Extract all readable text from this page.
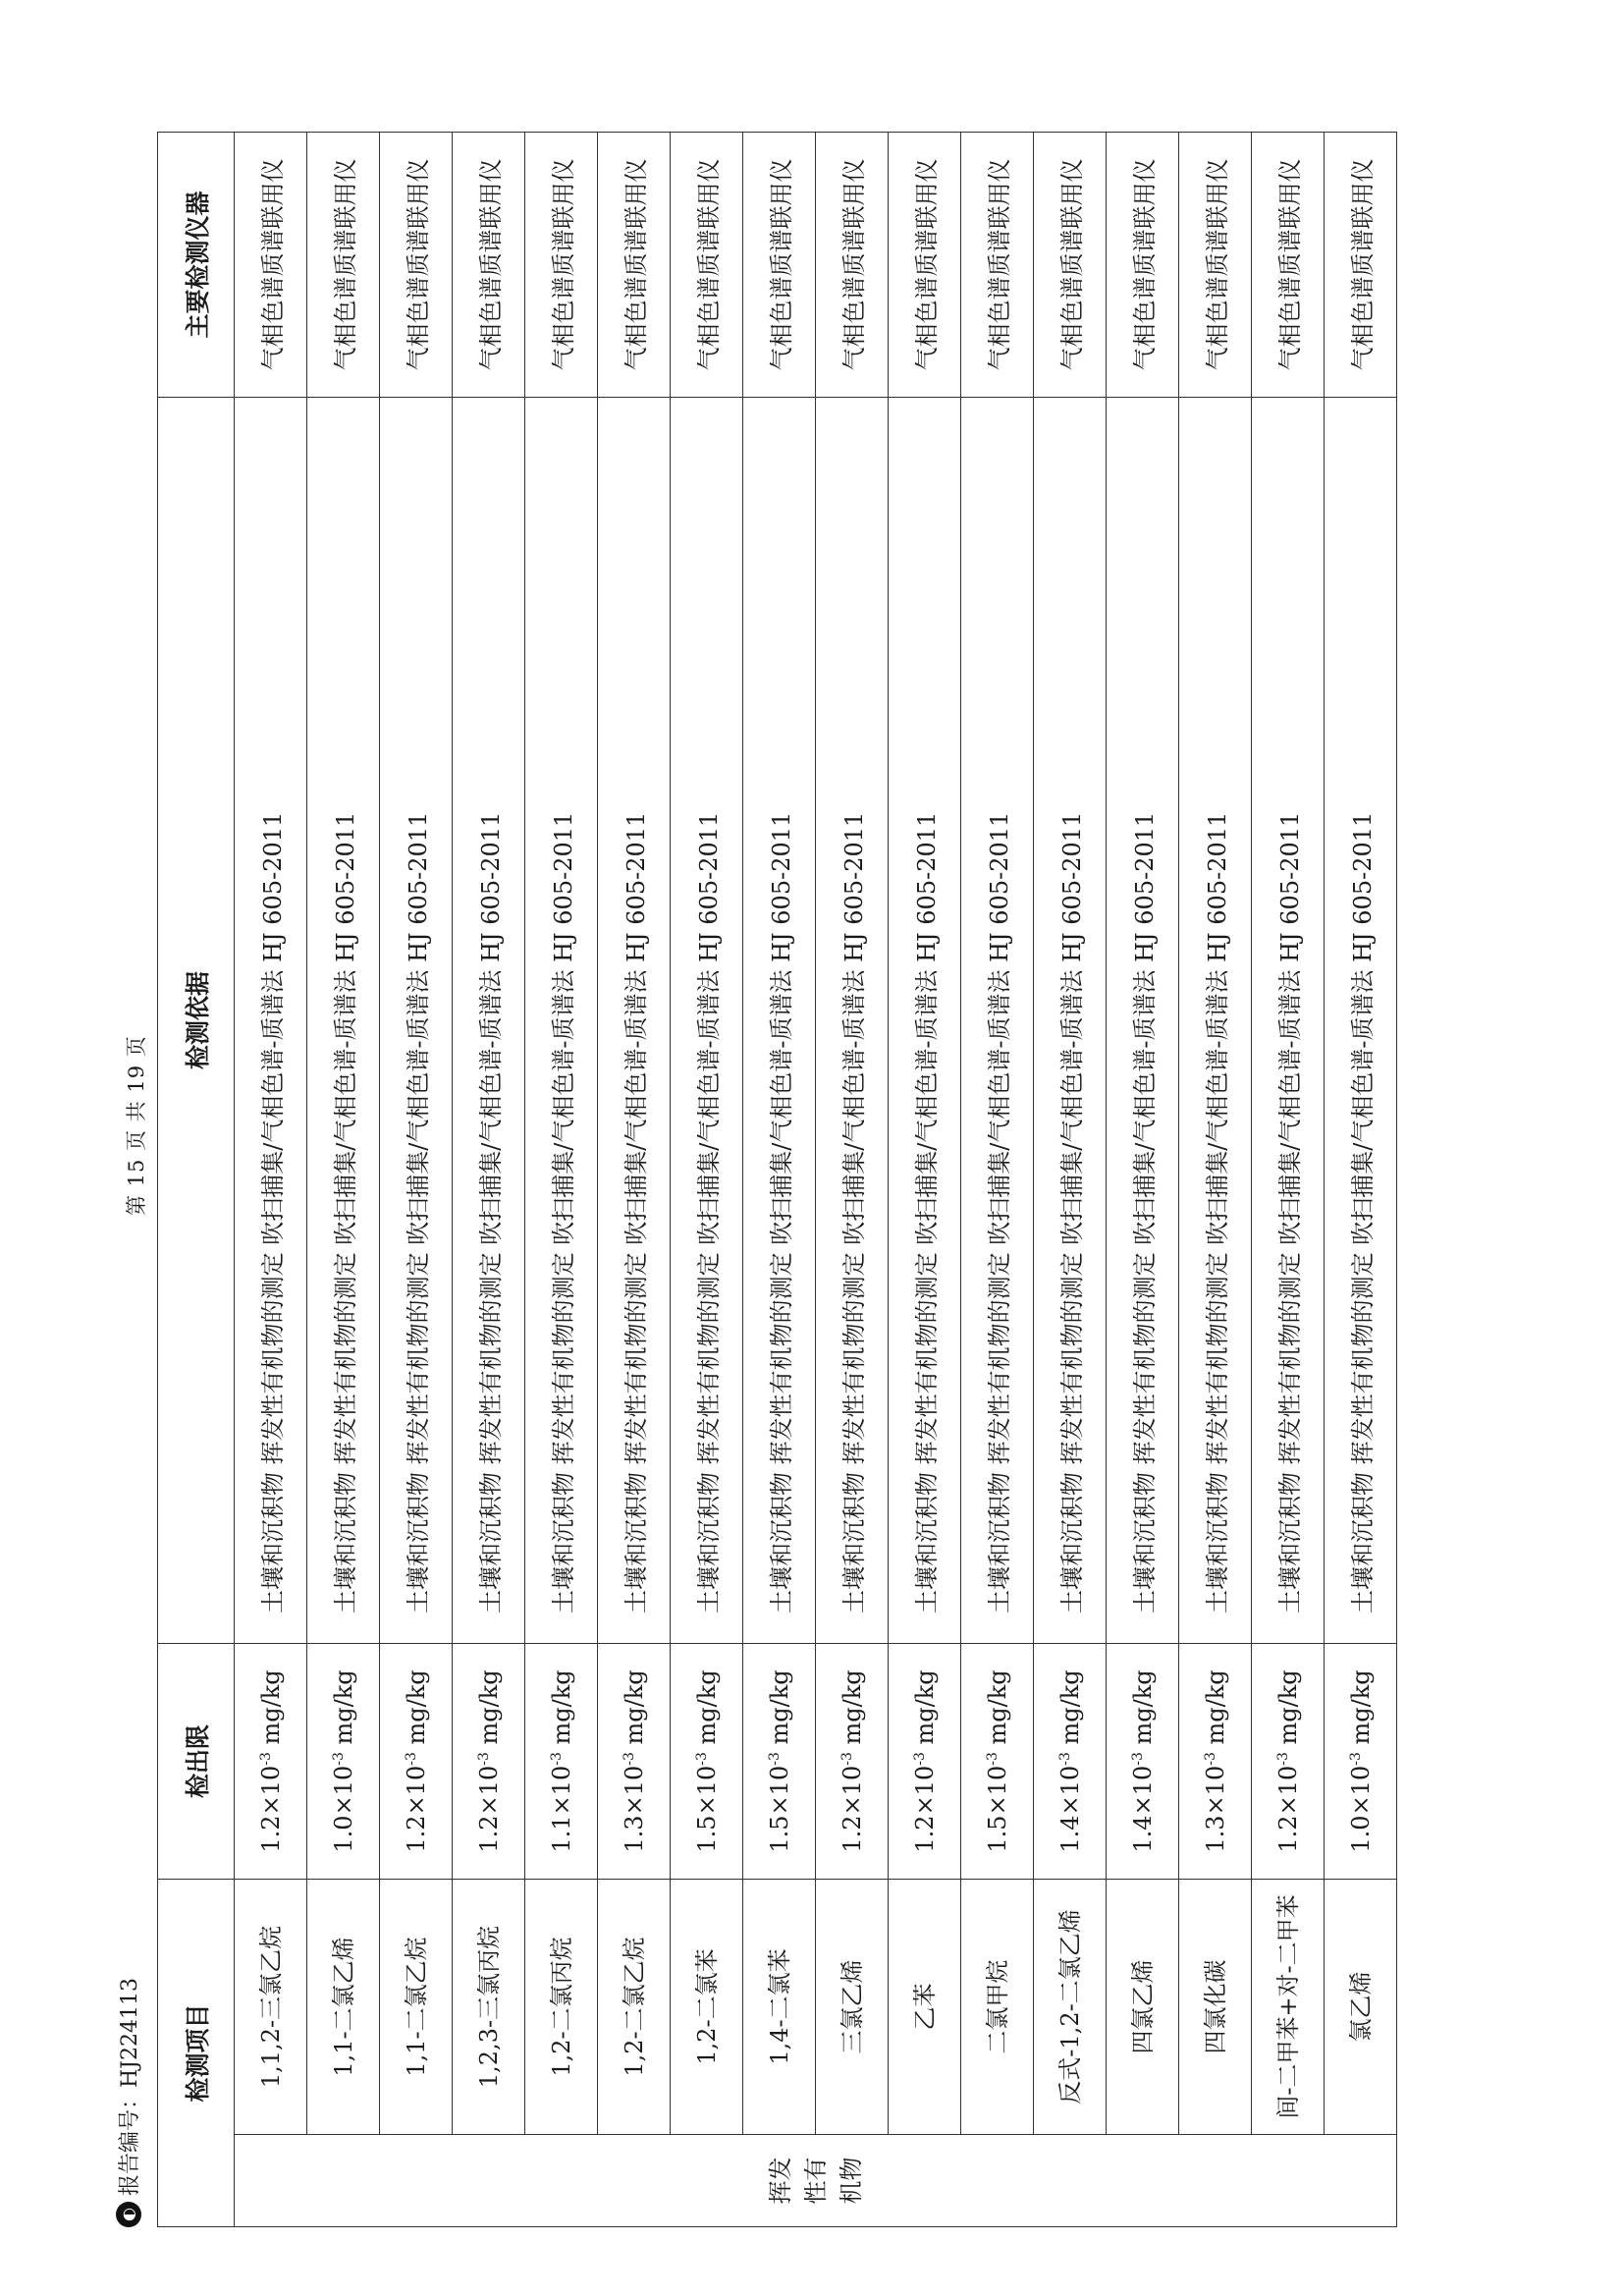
◐
报告编号：HJ224113
第 15 页 共 19 页
检测项目		检出限	检测依据	主要检测仪器
挥发性有机物	1,1,2-三氯乙烷	$1.2\times 10^{-3}$ mg/kg	土壤和沉积物 挥发性有机物的测定 吹扫捕集/气相色谱-质谱法 HJ 605-2011	气相色谱质谱联用仪
	1,1-二氯乙烯	$1.0\times 10^{-3}$ mg/kg	土壤和沉积物 挥发性有机物的测定 吹扫捕集/气相色谱-质谱法 HJ 605-2011	气相色谱质谱联用仪
	1,1-二氯乙烷	$1.2\times 10^{-3}$ mg/kg	土壤和沉积物 挥发性有机物的测定 吹扫捕集/气相色谱-质谱法 HJ 605-2011	气相色谱质谱联用仪
	1,2,3-三氯丙烷	$1.2\times 10^{-3}$ mg/kg	土壤和沉积物 挥发性有机物的测定 吹扫捕集/气相色谱-质谱法 HJ 605-2011	气相色谱质谱联用仪
	1,2-二氯丙烷	$1.1\times 10^{-3}$ mg/kg	土壤和沉积物 挥发性有机物的测定 吹扫捕集/气相色谱-质谱法 HJ 605-2011	气相色谱质谱联用仪
	1,2-二氯乙烷	$1.3\times 10^{-3}$ mg/kg	土壤和沉积物 挥发性有机物的测定 吹扫捕集/气相色谱-质谱法 HJ 605-2011	气相色谱质谱联用仪
	1,2-二氯苯	$1.5\times 10^{-3}$ mg/kg	土壤和沉积物 挥发性有机物的测定 吹扫捕集/气相色谱-质谱法 HJ 605-2011	气相色谱质谱联用仪
	1,4-二氯苯	$1.5\times 10^{-3}$ mg/kg	土壤和沉积物 挥发性有机物的测定 吹扫捕集/气相色谱-质谱法 HJ 605-2011	气相色谱质谱联用仪
	三氯乙烯	$1.2\times 10^{-3}$ mg/kg	土壤和沉积物 挥发性有机物的测定 吹扫捕集/气相色谱-质谱法 HJ 605-2011	气相色谱质谱联用仪
	乙苯	$1.2\times 10^{-3}$ mg/kg	土壤和沉积物 挥发性有机物的测定 吹扫捕集/气相色谱-质谱法 HJ 605-2011	气相色谱质谱联用仪
	二氯甲烷	$1.5\times 10^{-3}$ mg/kg	土壤和沉积物 挥发性有机物的测定 吹扫捕集/气相色谱-质谱法 HJ 605-2011	气相色谱质谱联用仪
	反式-1,2-二氯乙烯	$1.4\times 10^{-3}$ mg/kg	土壤和沉积物 挥发性有机物的测定 吹扫捕集/气相色谱-质谱法 HJ 605-2011	气相色谱质谱联用仪
	四氯乙烯	$1.4\times 10^{-3}$ mg/kg	土壤和沉积物 挥发性有机物的测定 吹扫捕集/气相色谱-质谱法 HJ 605-2011	气相色谱质谱联用仪
	四氯化碳	$1.3\times 10^{-3}$ mg/kg	土壤和沉积物 挥发性有机物的测定 吹扫捕集/气相色谱-质谱法 HJ 605-2011	气相色谱质谱联用仪
	间-二甲苯+对-二甲苯	$1.2\times 10^{-3}$ mg/kg	土壤和沉积物 挥发性有机物的测定 吹扫捕集/气相色谱-质谱法 HJ 605-2011	气相色谱质谱联用仪
	氯乙烯	$1.0\times 10^{-3}$ mg/kg	土壤和沉积物 挥发性有机物的测定 吹扫捕集/气相色谱-质谱法 HJ 605-2011	气相色谱质谱联用仪
